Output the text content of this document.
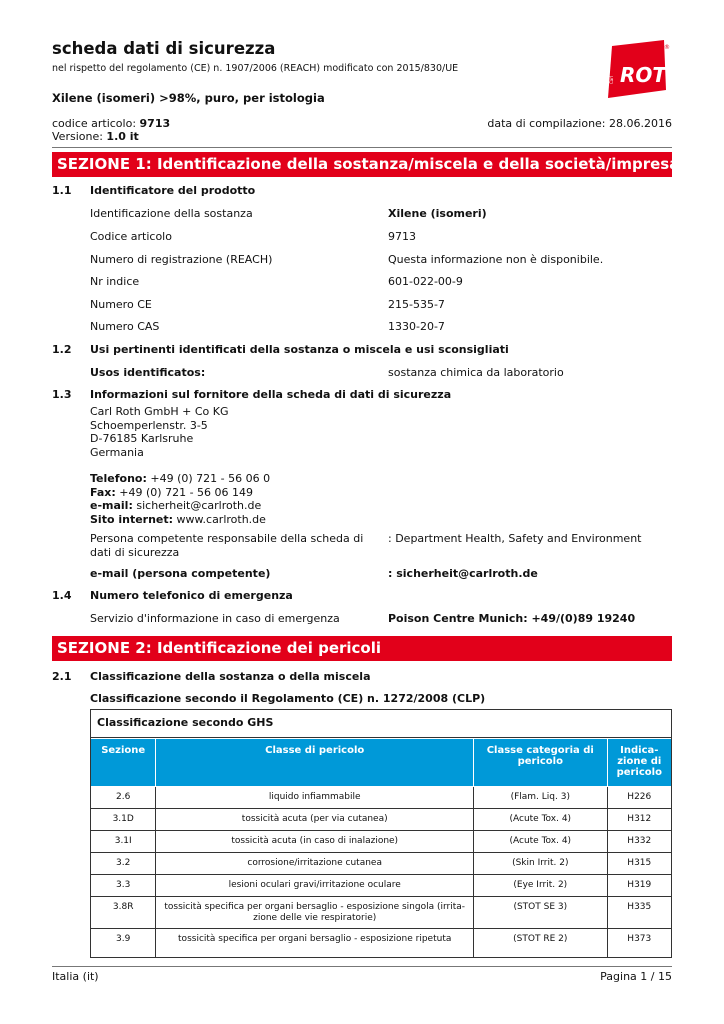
scheda dati di sicurezza
nel rispetto del regolamento (CE) n. 1907/2006 (REACH) modificato con 2015/830/UE	ROTH
Carl
®
Xilene (isomeri) >98%, puro, per istologia
codice articolo: 9713
Versione: 1.0 it
data di compilazione: 28.06.2016
SEZIONE 1: Identificazione della sostanza/miscela e della società/impresa
1.1 Identificatore del prodotto
Identificazione della sostanza	Xilene (isomeri)
Codice articolo	9713
Numero di registrazione (REACH)	Questa informazione non è disponibile.
Nr indice	601-022-00-9
Numero CE	215-535-7
Numero CAS	1330-20-7
1.2 Usi pertinenti identificati della sostanza o miscela e usi sconsigliati
Usos identificatos:	sostanza chimica da laboratorio
1.3 Informazioni sul fornitore della scheda di dati di sicurezza
Carl Roth GmbH + Co KG
Schoemperlenstr. 3-5
D-76185 Karlsruhe
Germania
Telefono: +49 (0) 721 - 56 06 0
Fax: +49 (0) 721 - 56 06 149
e-mail: sicherheit@carlroth.de
Sito internet: www.carlroth.de
Persona competente responsabile della scheda di dati di sicurezza
: Department Health, Safety and Environment
e-mail (persona competente)	: sicherheit@carlroth.de
1.4 Numero telefonico di emergenza
Servizio d'informazione in caso di emergenza	Poison Centre Munich: +49/(0)89 19240
SEZIONE 2: Identificazione dei pericoli
2.1 Classificazione della sostanza o della miscela
Classificazione secondo il Regolamento (CE) n. 1272/2008 (CLP)
Classificazione secondo GHS
Sezione	Classe di pericolo	Classe categoria di pericolo	Indica-zione di pericolo
2.6	liquido infiammabile	(Flam. Liq. 3)	H226
3.1D	tossicità acuta (per via cutanea)	(Acute Tox. 4)	H312
3.1I	tossicità acuta (in caso di inalazione)	(Acute Tox. 4)	H332
3.2	corrosione/irritazione cutanea	(Skin Irrit. 2)	H315
3.3	lesioni oculari gravi/irritazione oculare	(Eye Irrit. 2)	H319
3.8R	tossicità specifica per organi bersaglio - esposizione singola (irrita-zione delle vie respiratorie)	(STOT SE 3)	H335
3.9	tossicità specifica per organi bersaglio - esposizione ripetuta	(STOT RE 2)	H373
Italia (it)	Pagina 1 / 15
